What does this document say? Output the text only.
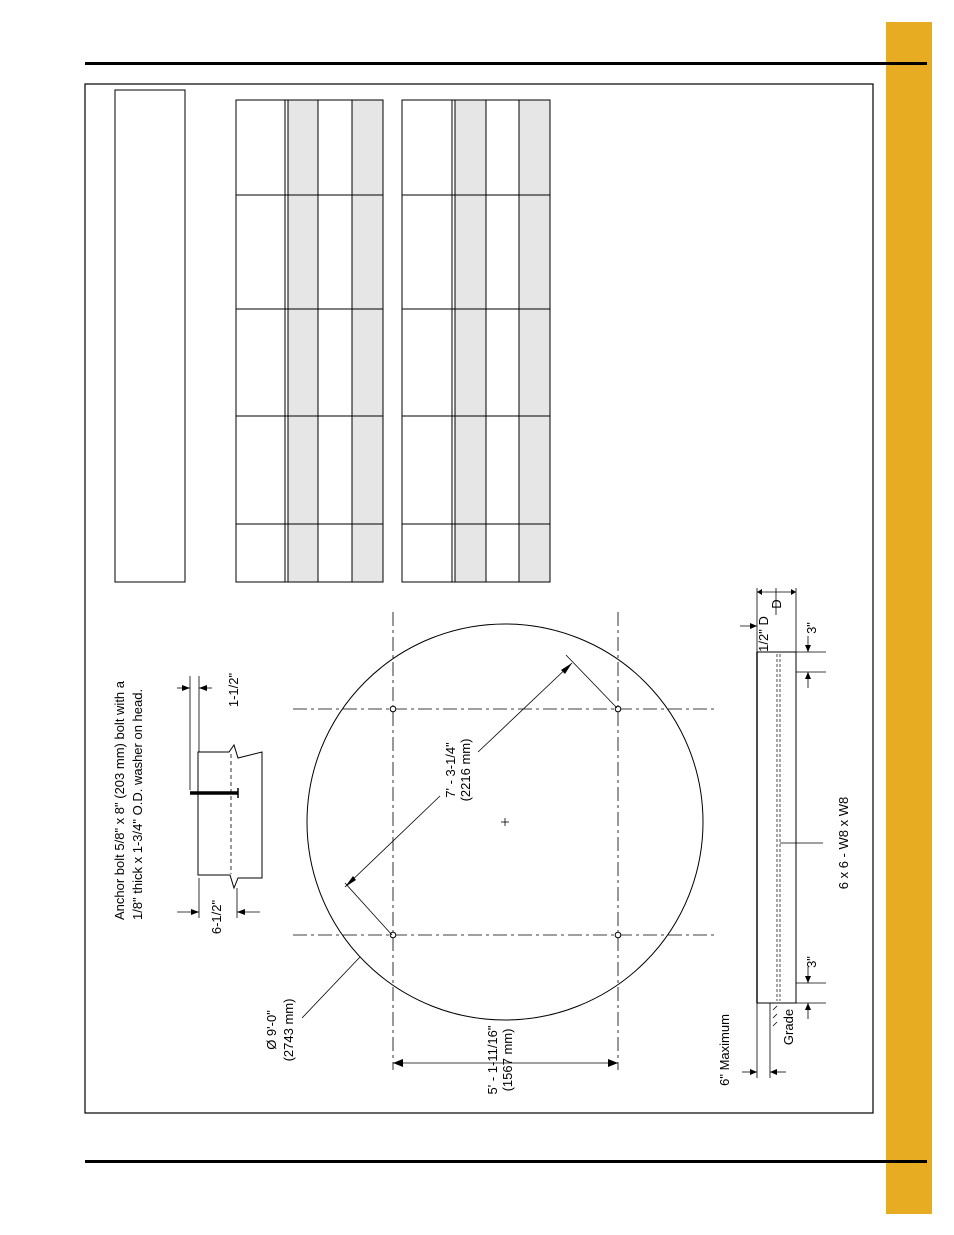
Anchor bolt 5/8" x 8" (203 mm) bolt with a 1/8" thick x 1-3/4" O.D. washer on head.	1-1/2"
6-1/2"
7' - 3-1/4" (2216 mm)
Ø 9'-0" (2743 mm)	5' - 1-11/16" (1567 mm)
1/2" D
D
3"
3"
6 x 6 - W8 x W8
6" Maximum	Grade
